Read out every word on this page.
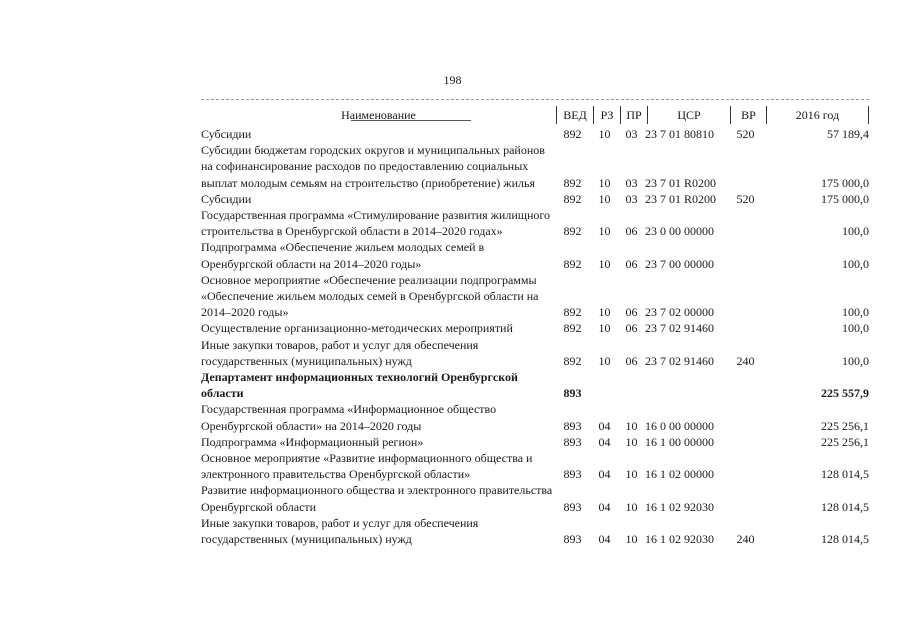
198
Наименование	ВЕД	РЗ	ПР	ЦСР	ВР	2016 год
Субсидии	892	10	03	23 7 01 80810	520	57 189,4
Субсидии бюджетам городских округов и муниципальных районов на софинансирование расходов по предоставлению социальных выплат молодым семьям на строительство (приобретение) жилья	892	10	03	23 7 01 R0200		175 000,0
Субсидии	892	10	03	23 7 01 R0200	520	175 000,0
Государственная программа «Стимулирование развития жилищного строительства в Оренбургской области в 2014–2020 годах»	892	10	06	23 0 00 00000		100,0
Подпрограмма «Обеспечение жильем молодых семей в Оренбургской области на 2014–2020 годы»	892	10	06	23 7 00 00000		100,0
Основное мероприятие «Обеспечение реализации подпрограммы «Обеспечение жильем молодых семей в Оренбургской области на 2014–2020 годы»	892	10	06	23 7 02 00000		100,0
Осуществление организационно-методических мероприятий	892	10	06	23 7 02 91460		100,0
Иные закупки товаров, работ и услуг для обеспечения государственных (муниципальных) нужд	892	10	06	23 7 02 91460	240	100,0
Департамент информационных технологий Оренбургской области	893					225 557,9
Государственная программа «Информационное общество Оренбургской области» на 2014–2020 годы	893	04	10	16 0 00 00000		225 256,1
Подпрограмма «Информационный регион»	893	04	10	16 1 00 00000		225 256,1
Основное мероприятие «Развитие информационного общества и электронного правительства Оренбургской области»	893	04	10	16 1 02 00000		128 014,5
Развитие информационного общества и электронного правительства Оренбургской области	893	04	10	16 1 02 92030		128 014,5
Иные закупки товаров, работ и услуг для обеспечения государственных (муниципальных) нужд	893	04	10	16 1 02 92030	240	128 014,5
